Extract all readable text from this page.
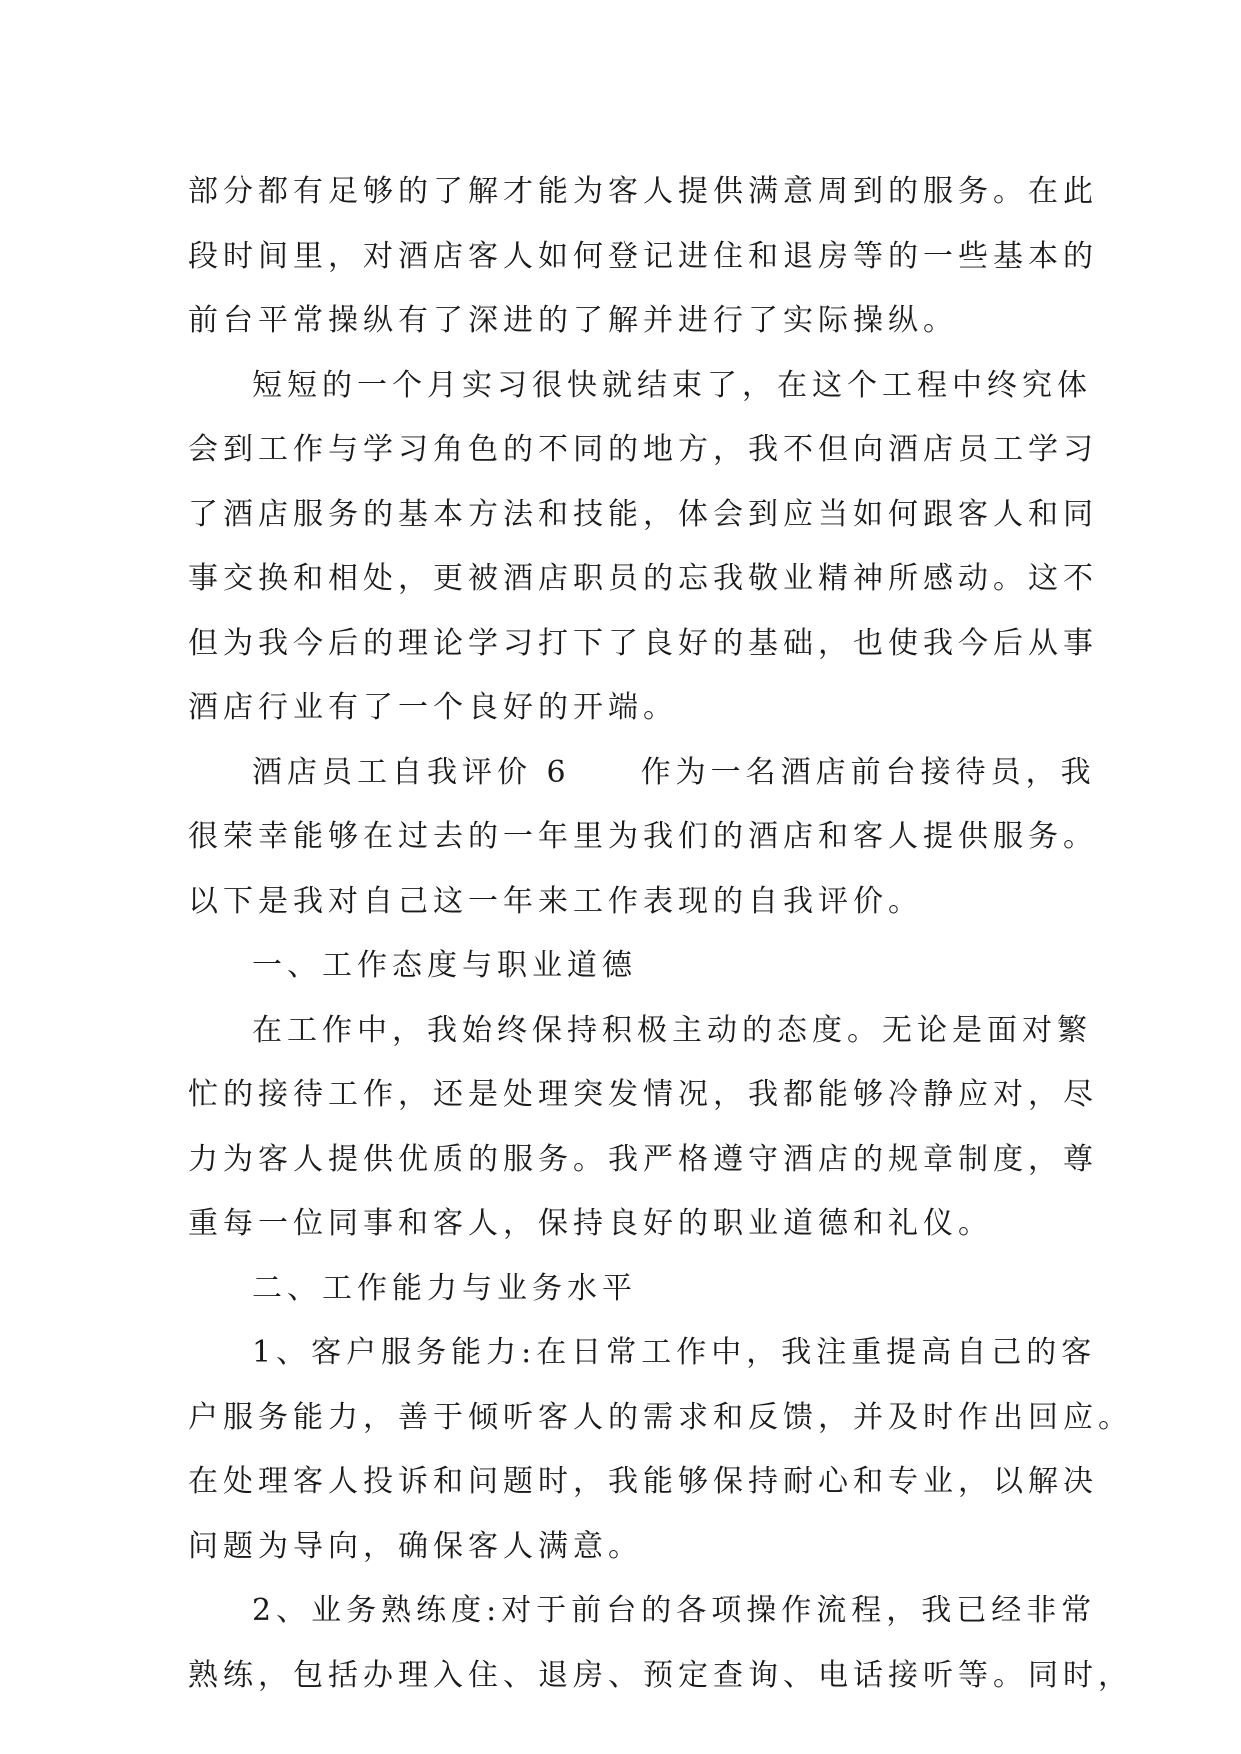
部分都有足够的了解才能为客人提供满意周到的服务。在此
段时间里，对酒店客人如何登记进住和退房等的一些基本的
前台平常操纵有了深进的了解并进行了实际操纵。
短短的一个月实习很快就结束了，在这个工程中终究体
会到工作与学习角色的不同的地方，我不但向酒店员工学习
了酒店服务的基本方法和技能，体会到应当如何跟客人和同
事交换和相处，更被酒店职员的忘我敬业精神所感动。这不
但为我今后的理论学习打下了良好的基础，也使我今后从事
酒店行业有了一个良好的开端。
酒店员工自我评价 6　　作为一名酒店前台接待员，我
很荣幸能够在过去的一年里为我们的酒店和客人提供服务。
以下是我对自己这一年来工作表现的自我评价。
一、工作态度与职业道德
在工作中，我始终保持积极主动的态度。无论是面对繁
忙的接待工作，还是处理突发情况，我都能够冷静应对，尽
力为客人提供优质的服务。我严格遵守酒店的规章制度，尊
重每一位同事和客人，保持良好的职业道德和礼仪。
二、工作能力与业务水平
1、客户服务能力:在日常工作中，我注重提高自己的客
户服务能力，善于倾听客人的需求和反馈，并及时作出回应。
在处理客人投诉和问题时，我能够保持耐心和专业，以解决
问题为导向，确保客人满意。
2、业务熟练度:对于前台的各项操作流程，我已经非常
熟练，包括办理入住、退房、预定查询、电话接听等。同时，
